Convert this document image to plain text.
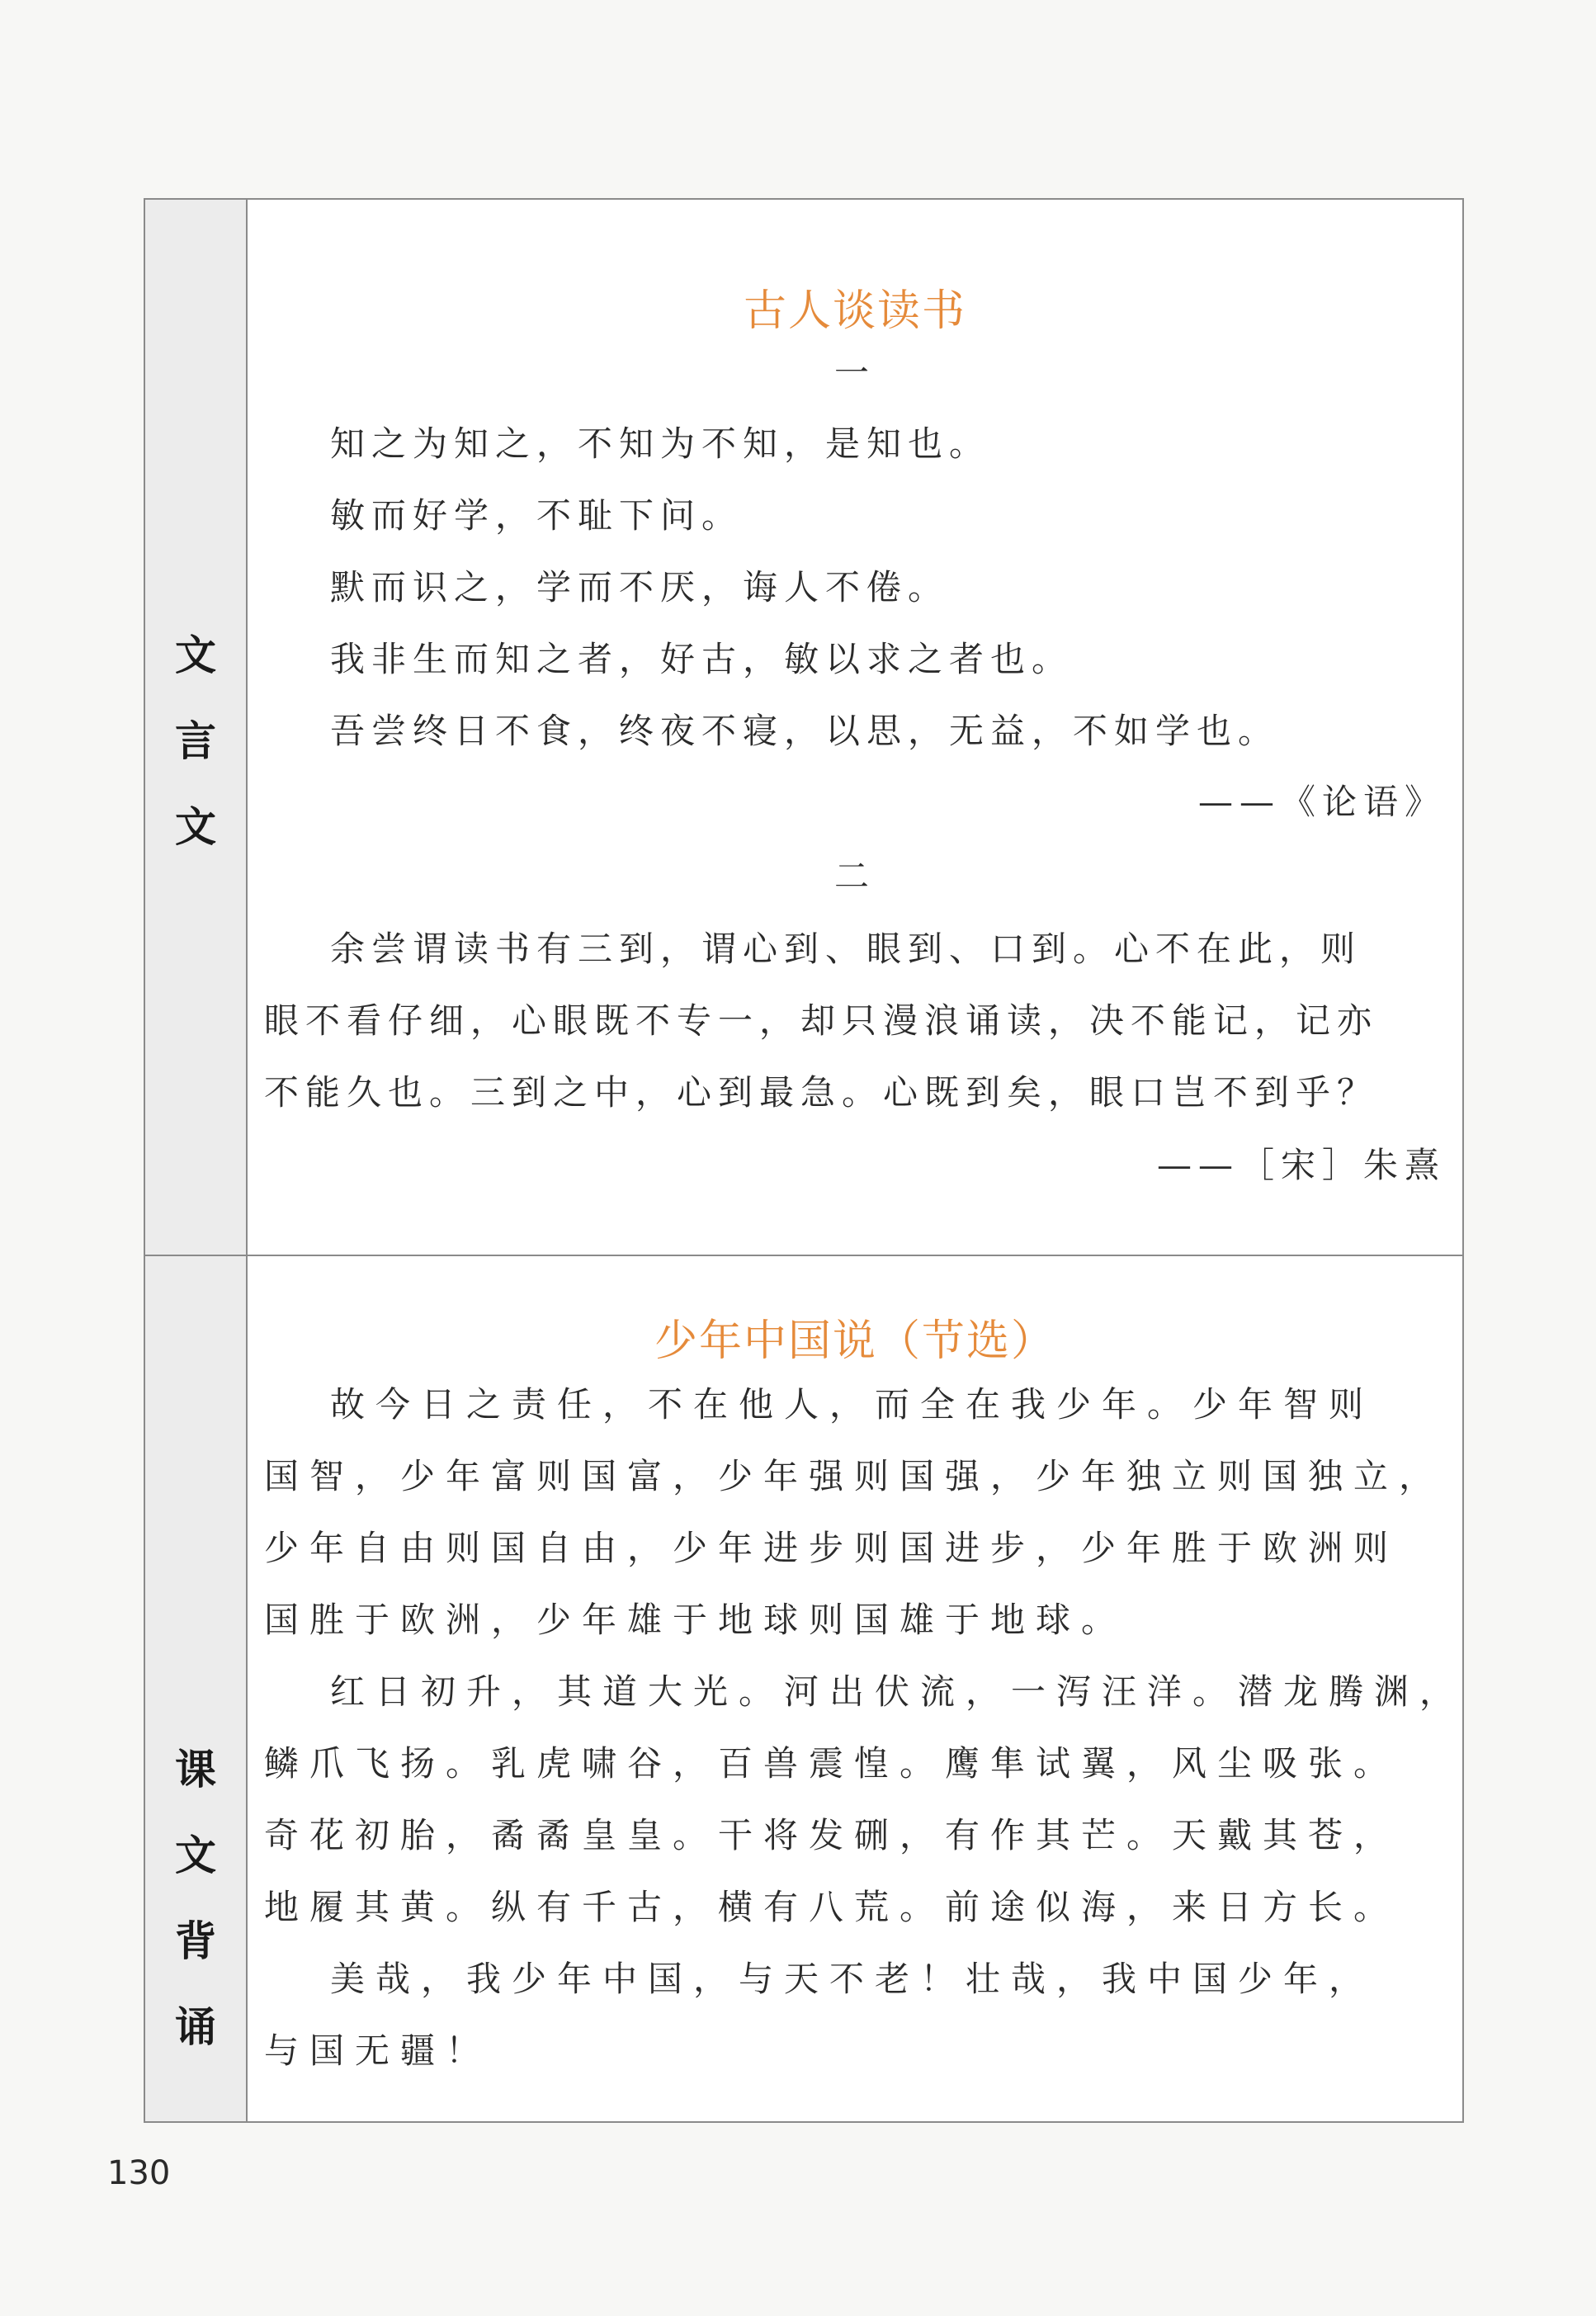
文
言
文
古人谈读书
一
知之为知之，不知为不知，是知也。
敏而好学，不耻下问。
默而识之，学而不厌，诲人不倦。
我非生而知之者，好古，敏以求之者也。
吾尝终日不食，终夜不寝，以思，无益，不如学也。
——《论语》
二
余尝谓读书有三到，谓心到、眼到、口到。心不在此，则
眼不看仔细，心眼既不专一，却只漫浪诵读，决不能记，记亦
不能久也。三到之中，心到最急。心既到矣，眼口岂不到乎？
——［宋］朱熹
课
文
背
诵
少年中国说（节选）
故今日之责任，不在他人，而全在我少年。少年智则
国智，少年富则国富，少年强则国强，少年独立则国独立，
少年自由则国自由，少年进步则国进步，少年胜于欧洲则
国胜于欧洲，少年雄于地球则国雄于地球。
红日初升，其道大光。河出伏流，一泻汪洋。潜龙腾渊，
鳞爪飞扬。乳虎啸谷，百兽震惶。鹰隼试翼，风尘吸张。
奇花初胎，矞矞皇皇。干将发硎，有作其芒。天戴其苍，
地履其黄。纵有千古，横有八荒。前途似海，来日方长。
美哉，我少年中国，与天不老！壮哉，我中国少年，
与国无疆！
130
